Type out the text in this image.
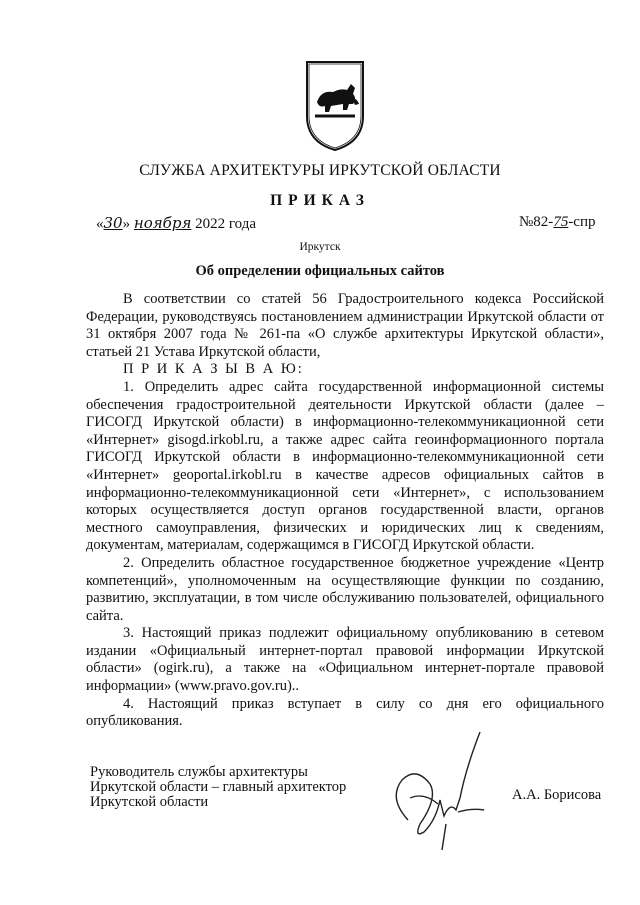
СЛУЖБА АРХИТЕКТУРЫ ИРКУТСКОЙ ОБЛАСТИ
ПРИКАЗ
«30» ноября 2022 года	№82-75-спр
Иркутск
Об определении официальных сайтов

В соответствии со статей 56 Градостроительного кодекса Российской Федерации, руководствуясь постановлением администрации Иркутской области от 31 октября 2007 года № 261-па «О службе архитектуры Иркутской области», статьей 21 Устава Иркутской области,

П Р И К А З Ы В А Ю:

1. Определить адрес сайта государственной информационной системы обеспечения градостроительной деятельности Иркутской области (далее – ГИСОГД Иркутской области) в информационно-телекоммуникационной сети «Интернет» gisogd.irkobl.ru, а также адрес сайта геоинформационного портала ГИСОГД Иркутской области в информационно-телекоммуникационной сети «Интернет» geoportal.irkobl.ru в качестве адресов официальных сайтов в информационно-телекоммуникационной сети «Интернет», с использованием которых осуществляется доступ органов государственной власти, органов местного самоуправления, физических и юридических лиц к сведениям, документам, материалам, содержащимся в ГИСОГД Иркутской области.

2. Определить областное государственное бюджетное учреждение «Центр компетенций», уполномоченным на осуществляющие функции по созданию, развитию, эксплуатации, в том числе обслуживанию пользователей, официального сайта.

3. Настоящий приказ подлежит официальному опубликованию в сетевом издании «Официальный интернет-портал правовой информации Иркутской области» (ogirk.ru), а также на «Официальном интернет-портале правовой информации» (www.pravo.gov.ru)..

4. Настоящий приказ вступает в силу со дня его официального опубликования.

Руководитель службы архитектуры
Иркутской области – главный архитектор
Иркутской области	А.А. Борисова
